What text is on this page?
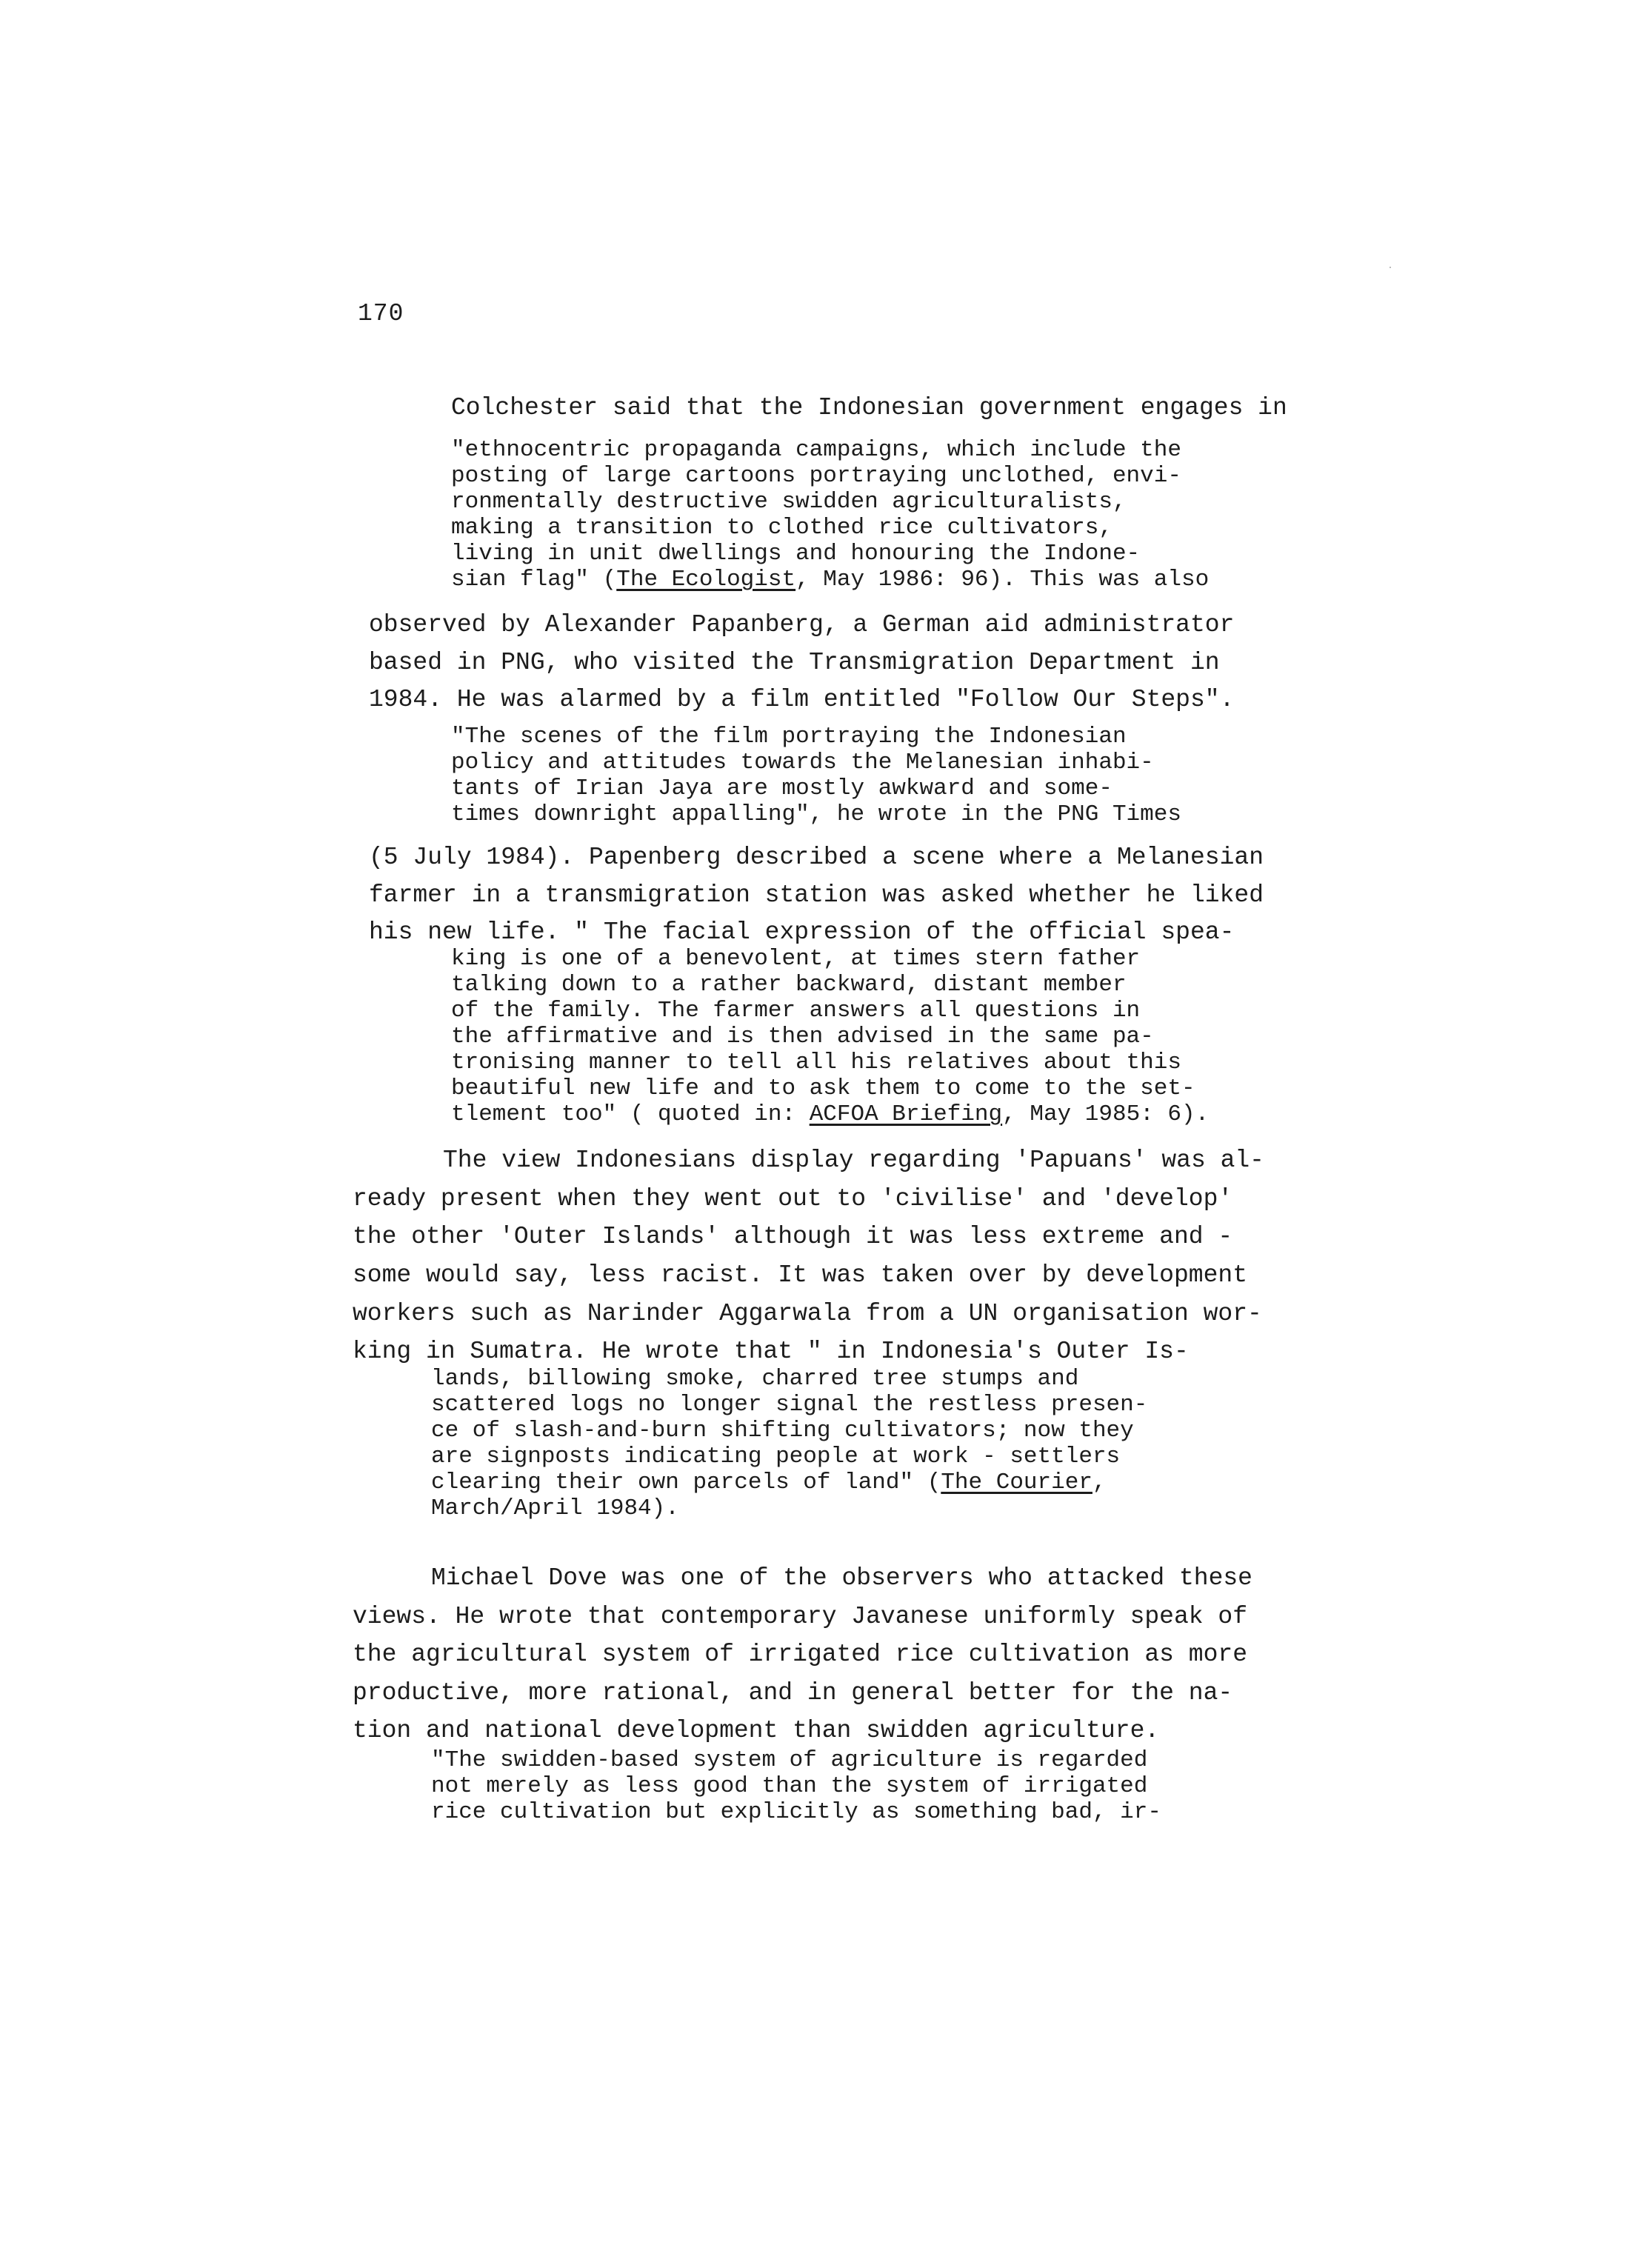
170
Colchester said that the Indonesian government engages in
"ethnocentric propaganda campaigns, which include the
posting of large cartoons portraying unclothed, envi-
ronmentally destructive swidden agriculturalists,
making a transition to clothed rice cultivators,
living in unit dwellings and honouring the Indone-
sian flag" (The Ecologist, May 1986: 96). This was also
observed by Alexander Papanberg, a German aid administrator
based in PNG, who visited the Transmigration Department in
1984. He was alarmed by a film entitled "Follow Our Steps".
"The scenes of the film portraying the Indonesian
policy and attitudes towards the Melanesian inhabi-
tants of Irian Jaya are mostly awkward and some-
times downright appalling", he wrote in the PNG Times
(5 July 1984). Papenberg described a scene where a Melanesian
farmer in a transmigration station was asked whether he liked
his new life. " The facial expression of the official spea-
king is one of a benevolent, at times stern father
talking down to a rather backward, distant member
of the family. The farmer answers all questions in
the affirmative and is then advised in the same pa-
tronising manner to tell all his relatives about this
beautiful new life and to ask them to come to the set-
tlement too" ( quoted in: ACFOA Briefing, May 1985: 6).
The view Indonesians display regarding 'Papuans' was al-
ready present when they went out to 'civilise' and 'develop'
the other 'Outer Islands' although it was less extreme and -
some would say, less racist. It was taken over by development
workers such as Narinder Aggarwala from a UN organisation wor-
king in Sumatra. He wrote that " in Indonesia's Outer Is-
lands, billowing smoke, charred tree stumps and
scattered logs no longer signal the restless presen-
ce of slash-and-burn shifting cultivators; now they
are signposts indicating people at work - settlers
clearing their own parcels of land" (The Courier,
March/April 1984).
Michael Dove was one of the observers who attacked these
views. He wrote that contemporary Javanese uniformly speak of
the agricultural system of irrigated rice cultivation as more
productive, more rational, and in general better for the na-
tion and national development than swidden agriculture.
"The swidden-based system of agriculture is regarded
not merely as less good than the system of irrigated
rice cultivation but explicitly as something bad, ir-
